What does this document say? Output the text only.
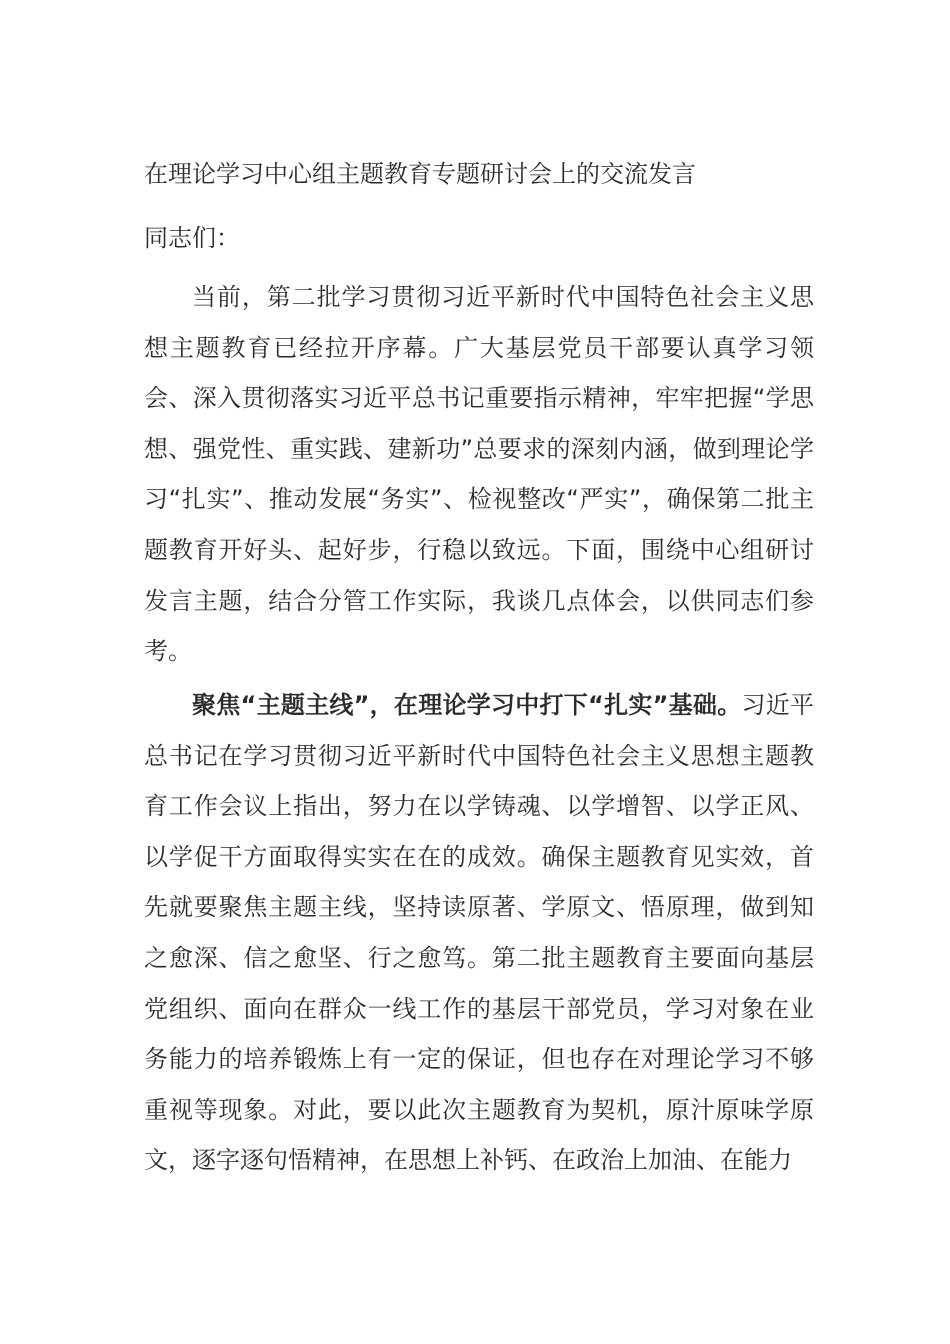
在理论学习中心组主题教育专题研讨会上的交流发言

同志们：

当前，第二批学习贯彻习近平新时代中国特色社会主义思想主题教育已经拉开序幕。广大基层党员干部要认真学习领会、深入贯彻落实习近平总书记重要指示精神，牢牢把握“学思想、强党性、重实践、建新功”总要求的深刻内涵，做到理论学习“扎实”、推动发展“务实”、检视整改“严实”，确保第二批主题教育开好头、起好步，行稳以致远。下面，围绕中心组研讨发言主题，结合分管工作实际，我谈几点体会，以供同志们参考。

聚焦“主题主线”，在理论学习中打下“扎实”基础。习近平总书记在学习贯彻习近平新时代中国特色社会主义思想主题教育工作会议上指出，努力在以学铸魂、以学增智、以学正风、以学促干方面取得实实在在的成效。确保主题教育见实效，首先就要聚焦主题主线，坚持读原著、学原文、悟原理，做到知之愈深、信之愈坚、行之愈笃。第二批主题教育主要面向基层党组织、面向在群众一线工作的基层干部党员，学习对象在业务能力的培养锻炼上有一定的保证，但也存在对理论学习不够重视等现象。对此，要以此次主题教育为契机，原汁原味学原文，逐字逐句悟精神，在思想上补钙、在政治上加油、在能力
